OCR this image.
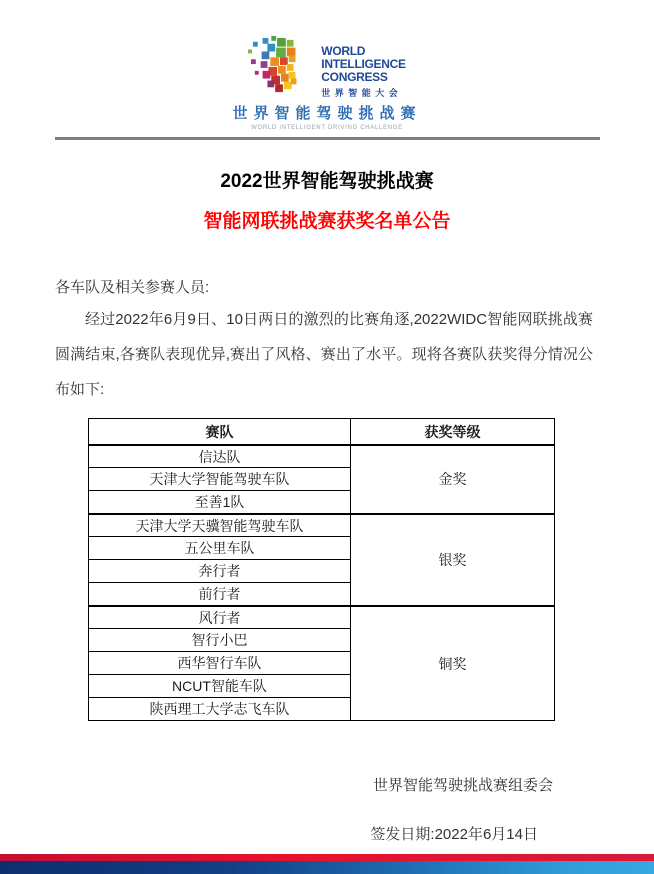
WORLD
INTELLIGENCE
CONGRESS
世界智能大会
世界智能驾驶挑战赛
WORLD INTELLIGENT DRIVING CHALLENGE
2022世界智能驾驶挑战赛
智能网联挑战赛获奖名单公告

各车队及相关参赛人员:

经过2022年6月9日、10日两日的激烈的比赛角逐,2022WIDC智能网联挑战赛圆满结束,各赛队表现优异,赛出了风格、赛出了水平。现将各赛队获奖得分情况公布如下:

赛队	获奖等级
信达队	金奖
天津大学智能驾驶车队	
至善1队	
天津大学天骥智能驾驶车队	银奖
五公里车队	
奔行者	
前行者	
风行者	铜奖
智行小巴	
西华智行车队	
NCUT智能车队	
陕西理工大学志飞车队	

世界智能驾驶挑战赛组委会

签发日期:2022年6月14日
